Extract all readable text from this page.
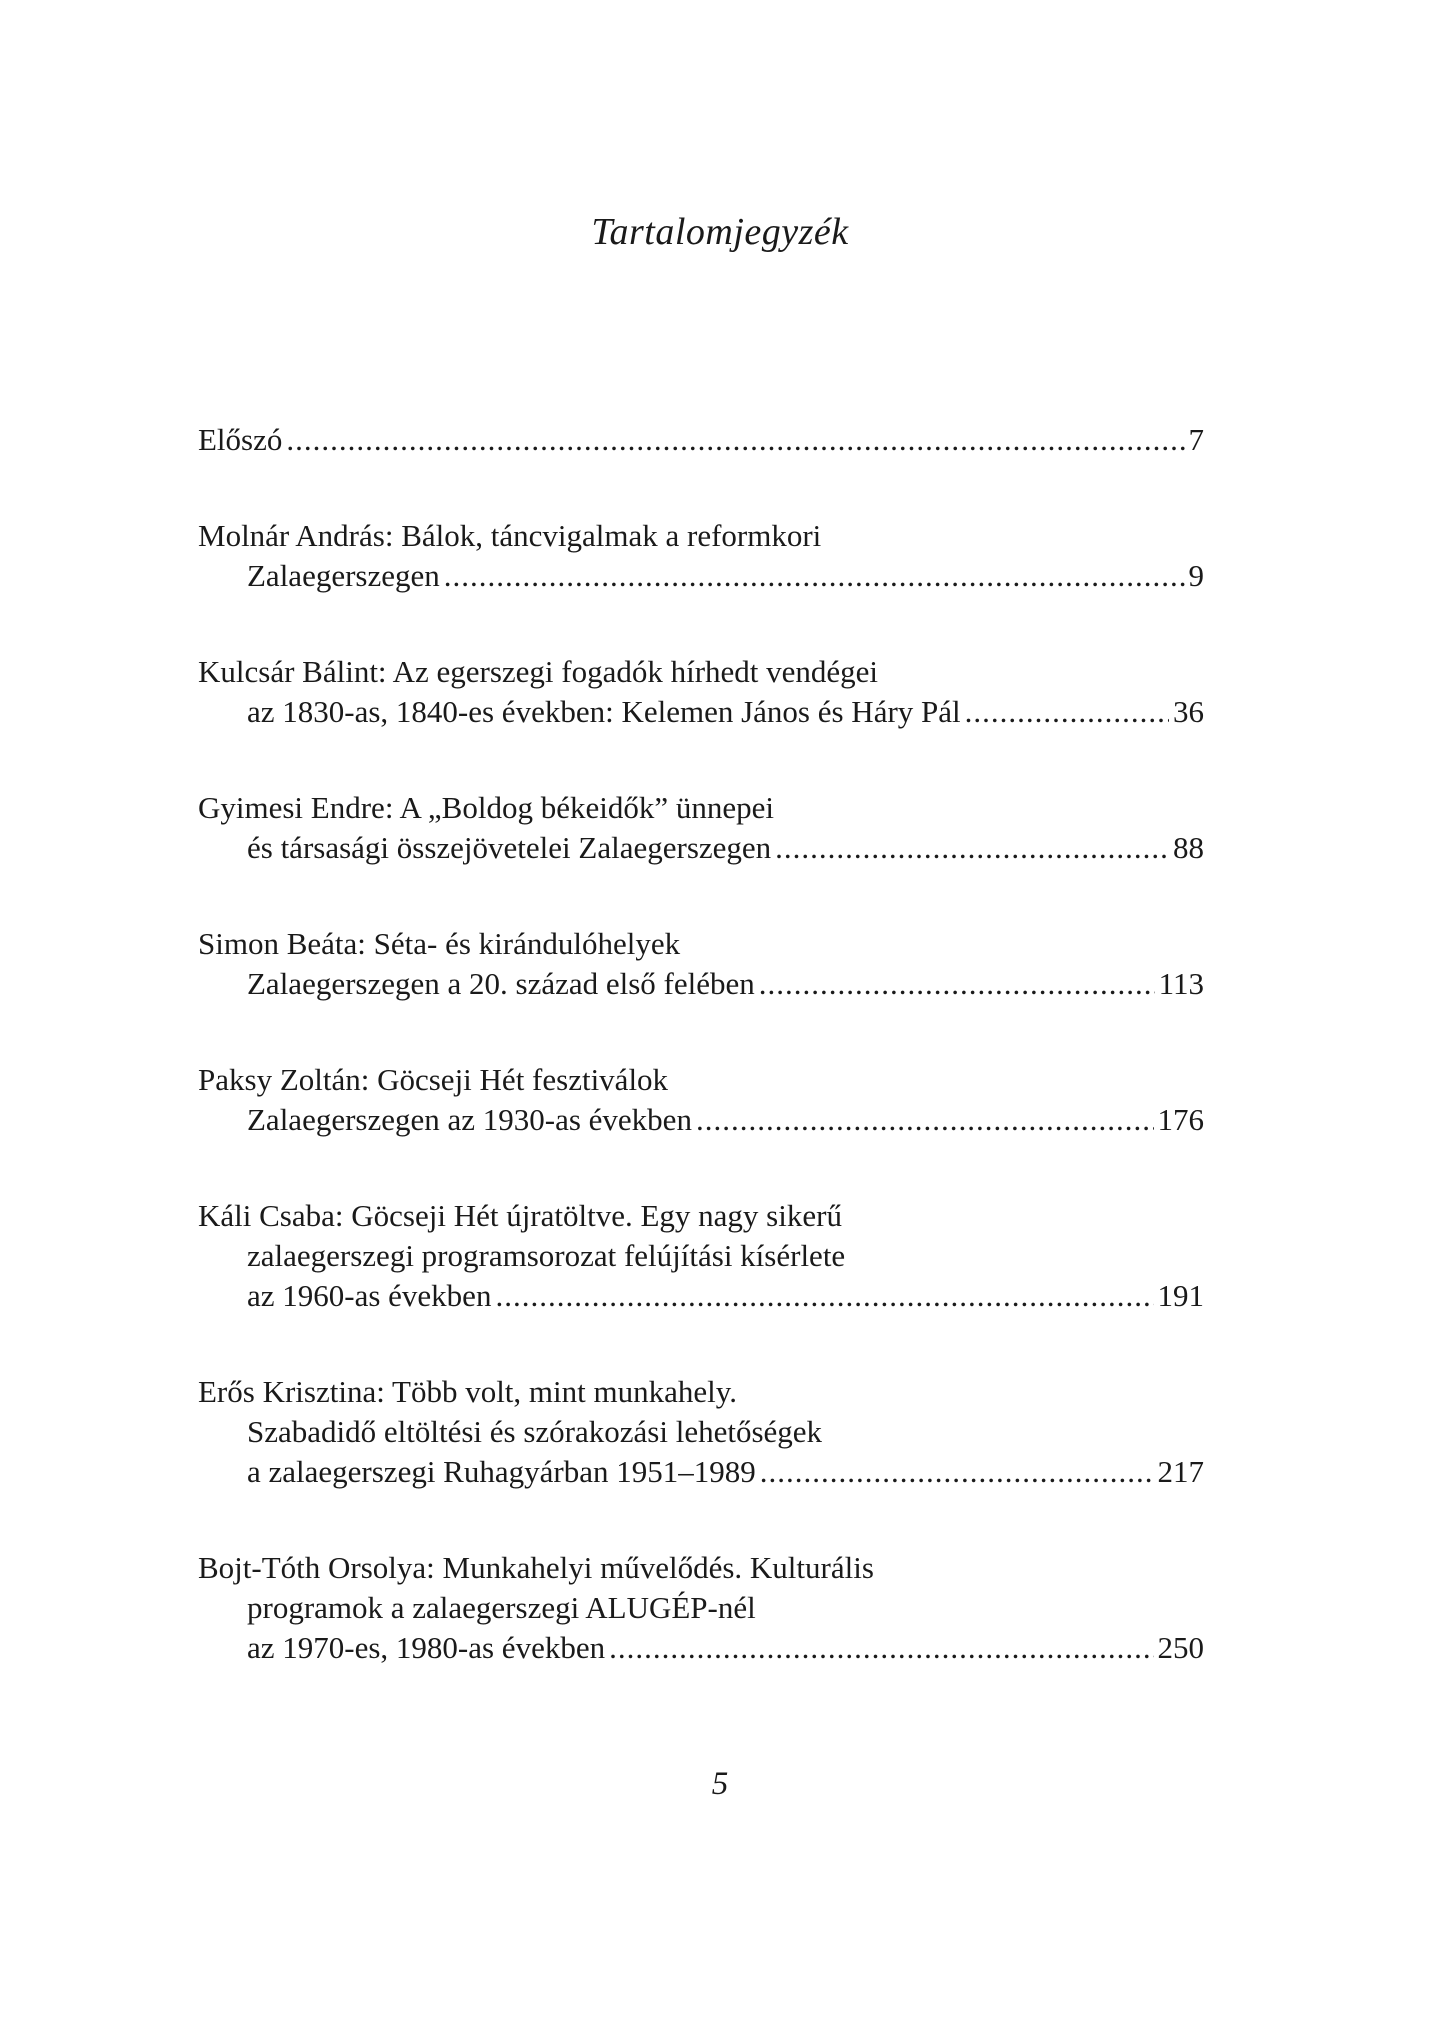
Tartalomjegyzék
Előszó .....	7
Molnár András: Bálok, táncvigalmak a reformkori
Zalaegerszegen .....	9
Kulcsár Bálint: Az egerszegi fogadók hírhedt vendégei
az 1830-as, 1840-es években: Kelemen János és Háry Pál .....	36
Gyimesi Endre: A „Boldog békeidők” ünnepei
és társasági összejövetelei Zalaegerszegen .....	88
Simon Beáta: Séta- és kirándulóhelyek
Zalaegerszegen a 20. század első felében .....	113
Paksy Zoltán: Göcseji Hét fesztiválok
Zalaegerszegen az 1930-as években .....	176
Káli Csaba: Göcseji Hét újratöltve. Egy nagy sikerű
zalaegerszegi programsorozat felújítási kísérlete
az 1960-as években .....	191
Erős Krisztina: Több volt, mint munkahely.
Szabadidő eltöltési és szórakozási lehetőségek
a zalaegerszegi Ruhagyárban 1951–1989 .....	217
Bojt-Tóth Orsolya: Munkahelyi művelődés. Kulturális
programok a zalaegerszegi ALUGÉP-nél
az 1970-es, 1980-as években .....	250
5
